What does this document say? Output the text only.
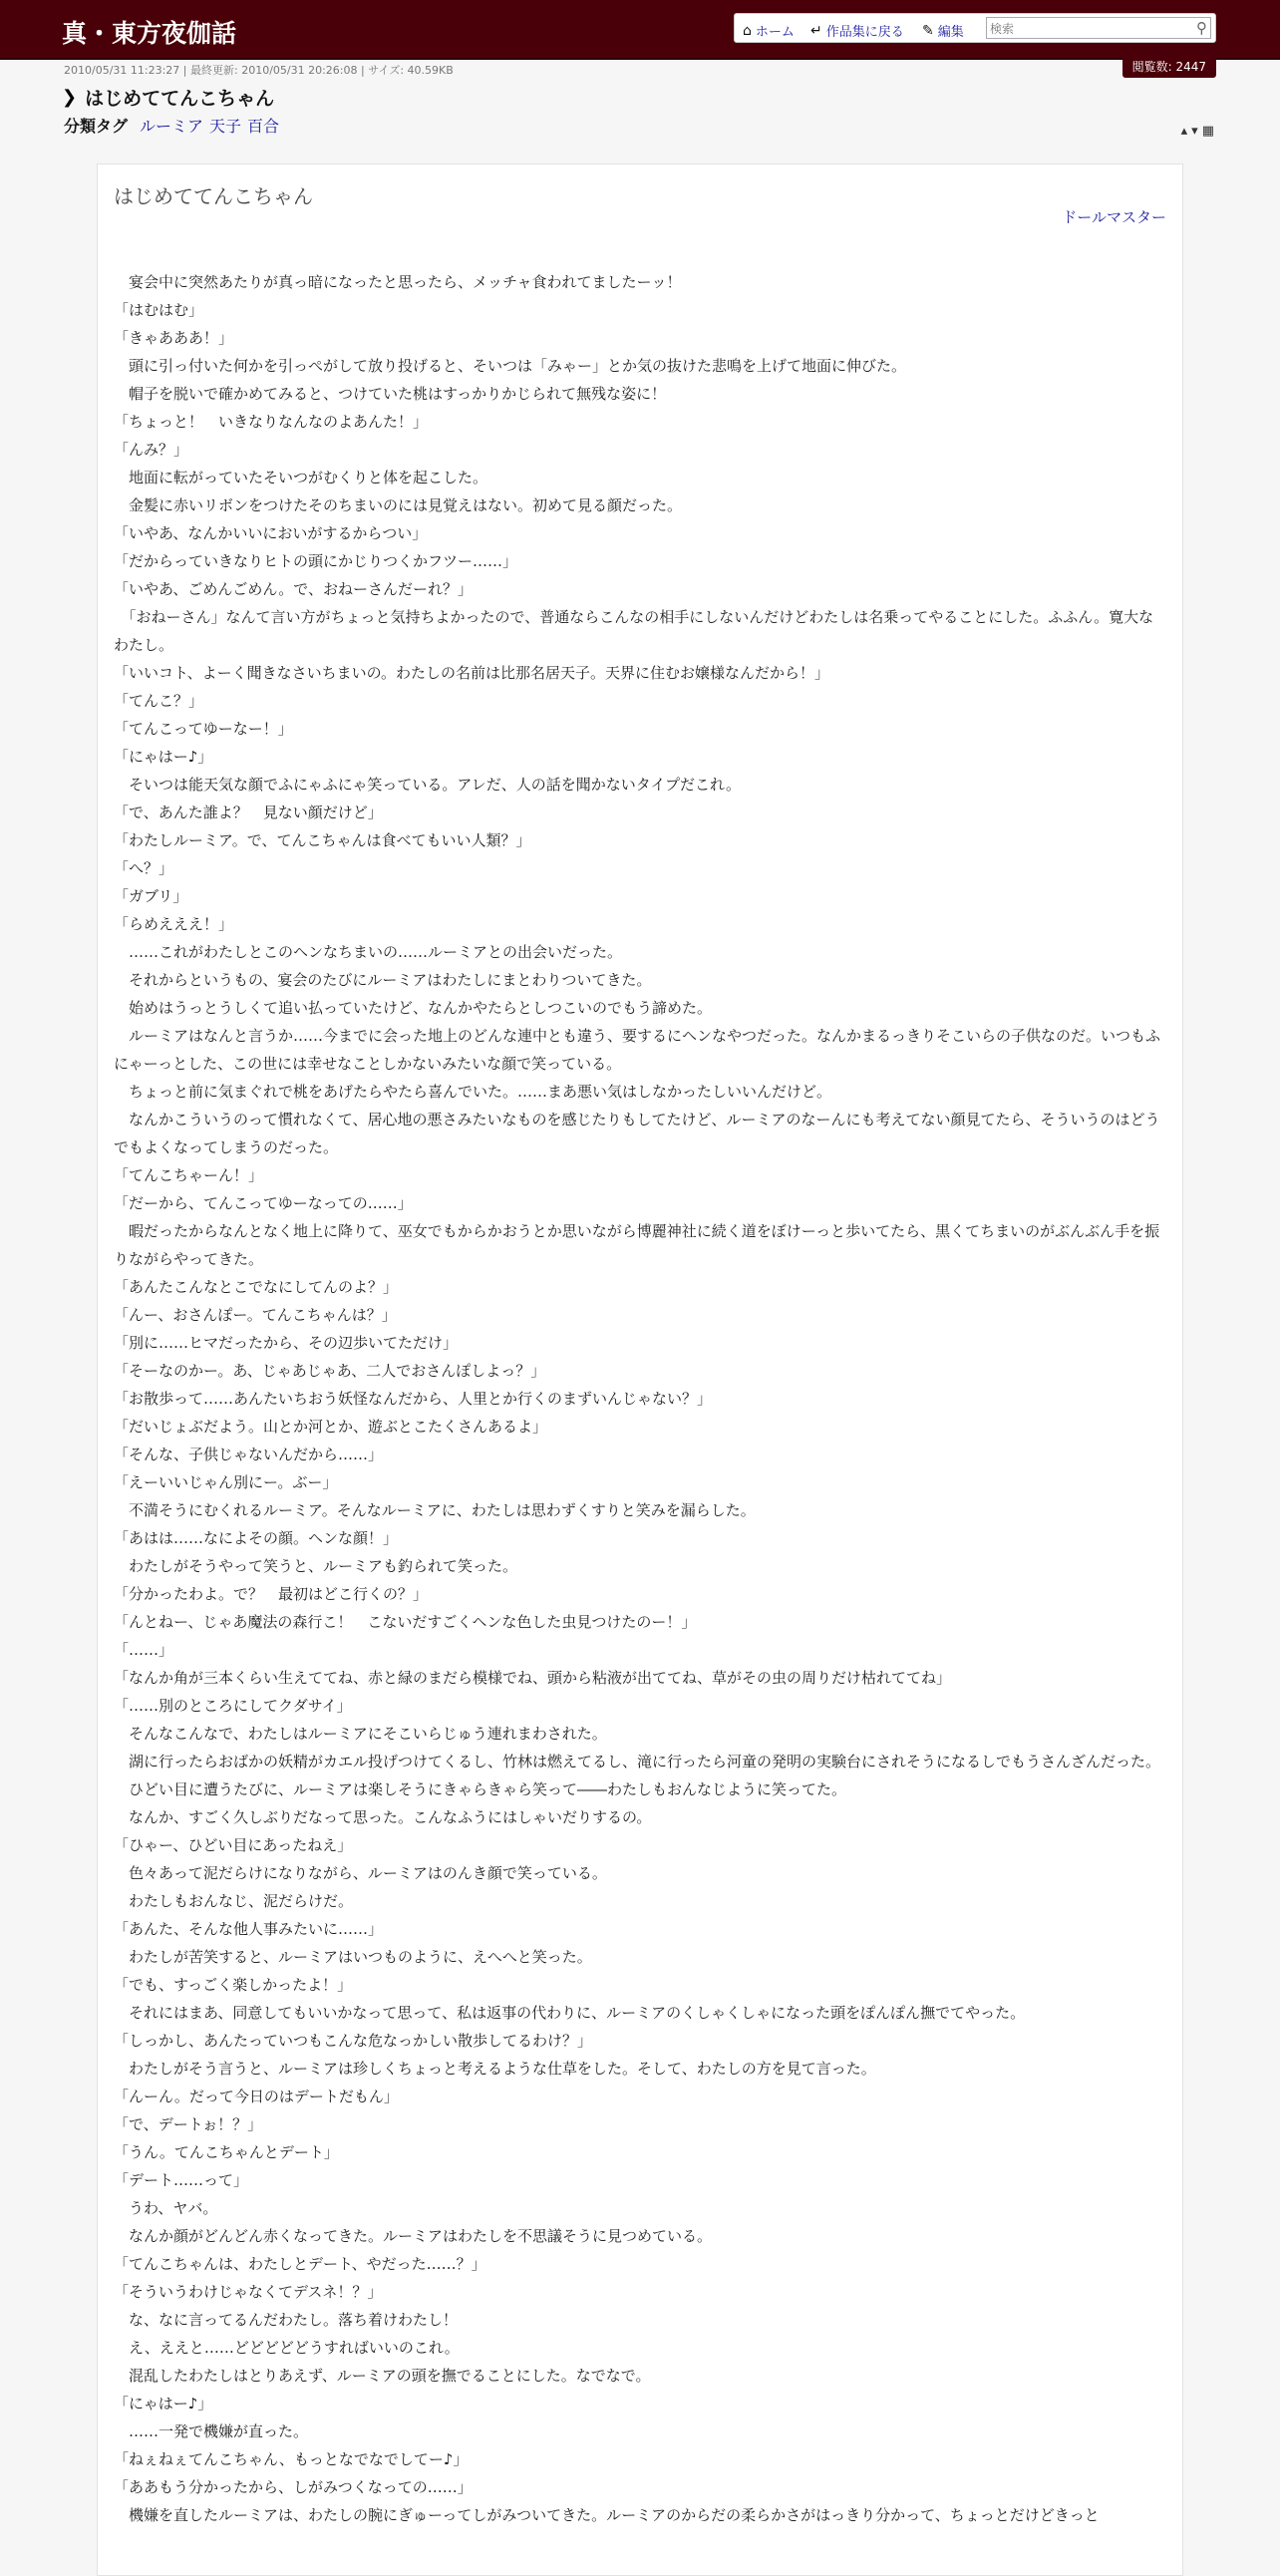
真・東方夜伽話	⌂ ホーム ↵ 作品集に戻る ✎ 編集
検索	⚲
閲覧数: 2447
2010/05/31 11:23:27 | 最終更新: 2010/05/31 20:26:08 | サイズ: 40.59KB
❯ はじめててんこちゃん
分類タグ ルーミア 天子 百合	▴ ▾ ▦
はじめててんこちゃん
ドールマスター

　宴会中に突然あたりが真っ暗になったと思ったら、メッチャ食われてましたーッ！

「はむはむ」

「きゃあああ！」

　頭に引っ付いた何かを引っぺがして放り投げると、そいつは「みゃー」とか気の抜けた悲鳴を上げて地面に伸びた。

　帽子を脱いで確かめてみると、つけていた桃はすっかりかじられて無残な姿に！

「ちょっと！　いきなりなんなのよあんた！」

「んみ？」

　地面に転がっていたそいつがむくりと体を起こした。

　金髪に赤いリボンをつけたそのちまいのには見覚えはない。初めて見る顔だった。

「いやあ、なんかいいにおいがするからつい」

「だからっていきなりヒトの頭にかじりつくかフツー……」

「いやあ、ごめんごめん。で、おねーさんだーれ？」

　「おねーさん」なんて言い方がちょっと気持ちよかったので、普通ならこんなの相手にしないんだけどわたしは名乗ってやることにした。ふふん。寛大なわたし。

「いいコト、よーく聞きなさいちまいの。わたしの名前は比那名居天子。天界に住むお嬢様なんだから！」

「てんこ？」

「てんこってゆーなー！」

「にゃはー♪」

　そいつは能天気な顔でふにゃふにゃ笑っている。アレだ、人の話を聞かないタイプだこれ。

「で、あんた誰よ？　見ない顔だけど」

「わたしルーミア。で、てんこちゃんは食べてもいい人類？」

「へ？」

「ガブリ」

「らめえええ！」

　……これがわたしとこのヘンなちまいの……ルーミアとの出会いだった。

　それからというもの、宴会のたびにルーミアはわたしにまとわりついてきた。

　始めはうっとうしくて追い払っていたけど、なんかやたらとしつこいのでもう諦めた。

　ルーミアはなんと言うか……今までに会った地上のどんな連中とも違う、要するにヘンなやつだった。なんかまるっきりそこいらの子供なのだ。いつもふにゃーっとした、この世には幸せなことしかないみたいな顔で笑っている。

　ちょっと前に気まぐれで桃をあげたらやたら喜んでいた。……まあ悪い気はしなかったしいいんだけど。

　なんかこういうのって慣れなくて、居心地の悪さみたいなものを感じたりもしてたけど、ルーミアのなーんにも考えてない顔見てたら、そういうのはどうでもよくなってしまうのだった。

「てんこちゃーん！」

「だーから、てんこってゆーなっての……」

　暇だったからなんとなく地上に降りて、巫女でもからかおうとか思いながら博麗神社に続く道をぼけーっと歩いてたら、黒くてちまいのがぶんぶん手を振りながらやってきた。

「あんたこんなとこでなにしてんのよ？」

「んー、おさんぽー。てんこちゃんは？」

「別に……ヒマだったから、その辺歩いてただけ」

「そーなのかー。あ、じゃあじゃあ、二人でおさんぽしよっ？」

「お散歩って……あんたいちおう妖怪なんだから、人里とか行くのまずいんじゃない？」

「だいじょぶだよう。山とか河とか、遊ぶとこたくさんあるよ」

「そんな、子供じゃないんだから……」

「えーいいじゃん別にー。ぶー」

　不満そうにむくれるルーミア。そんなルーミアに、わたしは思わずくすりと笑みを漏らした。

「あはは……なによその顔。ヘンな顔！」

　わたしがそうやって笑うと、ルーミアも釣られて笑った。

「分かったわよ。で？　最初はどこ行くの？」

「んとねー、じゃあ魔法の森行こ！　こないだすごくヘンな色した虫見つけたのー！」

「……」

「なんか角が三本くらい生えててね、赤と緑のまだら模様でね、頭から粘液が出ててね、草がその虫の周りだけ枯れててね」

「……別のところにしてクダサイ」

　そんなこんなで、わたしはルーミアにそこいらじゅう連れまわされた。

　湖に行ったらおばかの妖精がカエル投げつけてくるし、竹林は燃えてるし、滝に行ったら河童の発明の実験台にされそうになるしでもうさんざんだった。

　ひどい目に遭うたびに、ルーミアは楽しそうにきゃらきゃら笑って――わたしもおんなじように笑ってた。

　なんか、すごく久しぶりだなって思った。こんなふうにはしゃいだりするの。

「ひゃー、ひどい目にあったねえ」

　色々あって泥だらけになりながら、ルーミアはのんき顔で笑っている。

　わたしもおんなじ、泥だらけだ。

「あんた、そんな他人事みたいに……」

　わたしが苦笑すると、ルーミアはいつものように、えへへと笑った。

「でも、すっごく楽しかったよ！」

　それにはまあ、同意してもいいかなって思って、私は返事の代わりに、ルーミアのくしゃくしゃになった頭をぽんぽん撫でてやった。

「しっかし、あんたっていつもこんな危なっかしい散歩してるわけ？」

　わたしがそう言うと、ルーミアは珍しくちょっと考えるような仕草をした。そして、わたしの方を見て言った。

「んーん。だって今日のはデートだもん」

「で、デートぉ！？」

「うん。てんこちゃんとデート」

「デート……って」

　うわ、ヤバ。

　なんか顔がどんどん赤くなってきた。ルーミアはわたしを不思議そうに見つめている。

「てんこちゃんは、わたしとデート、やだった……？」

「そういうわけじゃなくてデスネ！？」

　な、なに言ってるんだわたし。落ち着けわたし！

　え、ええと……どどどどどうすればいいのこれ。

　混乱したわたしはとりあえず、ルーミアの頭を撫でることにした。なでなで。

「にゃはー♪」

　……一発で機嫌が直った。

「ねぇねぇてんこちゃん、もっとなでなでしてー♪」

「ああもう分かったから、しがみつくなっての……」

　機嫌を直したルーミアは、わたしの腕にぎゅーってしがみついてきた。ルーミアのからだの柔らかさがはっきり分かって、ちょっとだけどきっと
